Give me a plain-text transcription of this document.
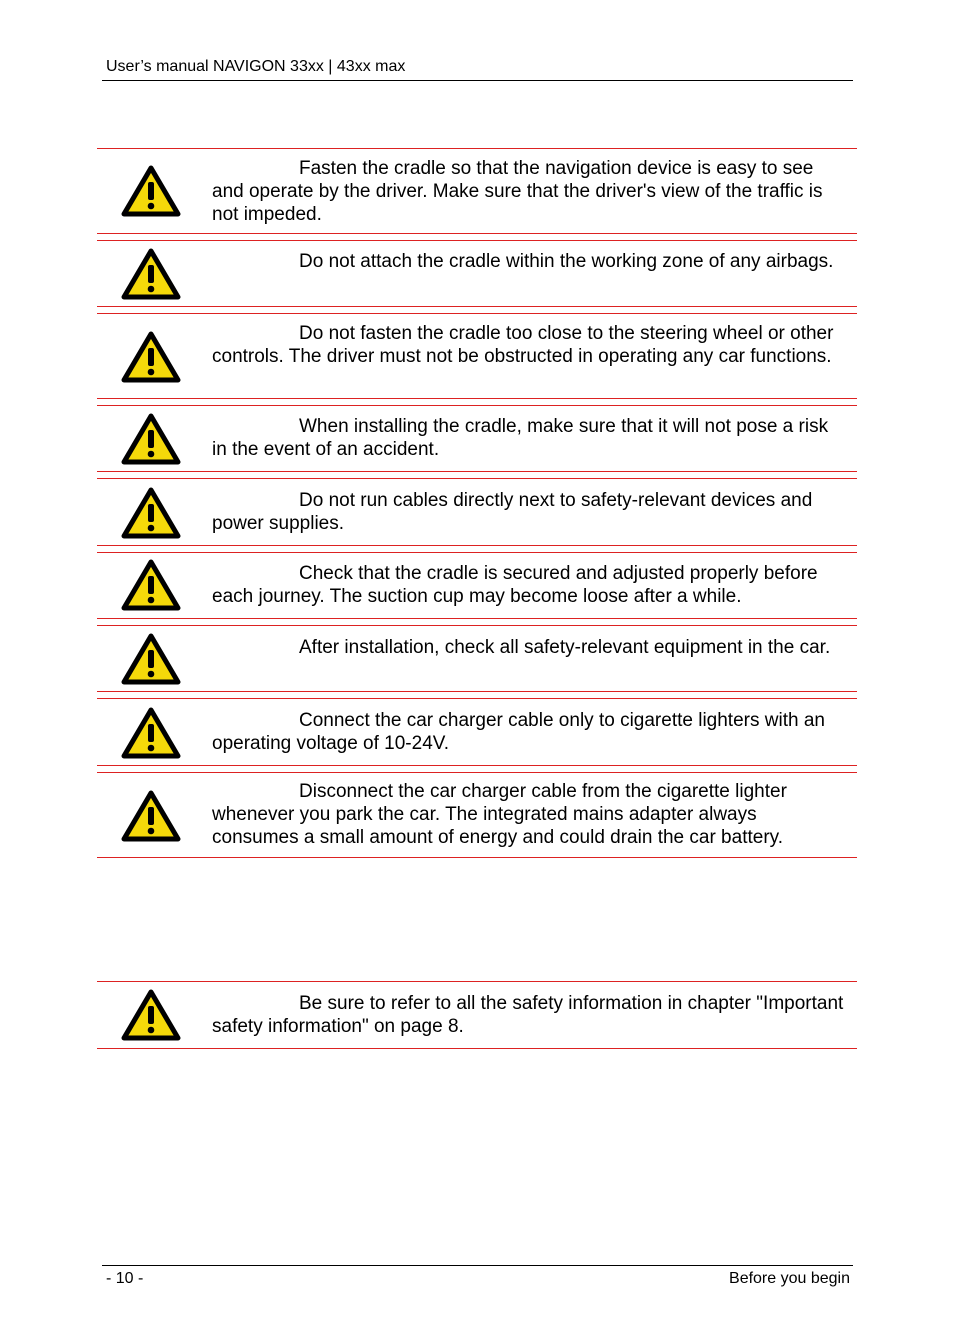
User’s manual NAVIGON 33xx | 43xx max
Fasten the cradle so that the navigation device is easy to see and operate by the driver. Make sure that the driver's view of the traffic is not impeded.
Do not attach the cradle within the working zone of any airbags.
Do not fasten the cradle too close to the steering wheel or other controls. The driver must not be obstructed in operating any car functions.
When installing the cradle, make sure that it will not pose a risk in the event of an accident.
Do not run cables directly next to safety-relevant devices and power supplies.
Check that the cradle is secured and adjusted properly before each journey. The suction cup may become loose after a while.
After installation, check all safety-relevant equipment in the car.
Connect the car charger cable only to cigarette lighters with an operating voltage of 10-24V.
Disconnect the car charger cable from the cigarette lighter whenever you park the car. The integrated mains adapter always consumes a small amount of energy and could drain the car battery.
Be sure to refer to all the safety information in chapter "Important safety information" on page 8.
- 10 -	Before you begin
